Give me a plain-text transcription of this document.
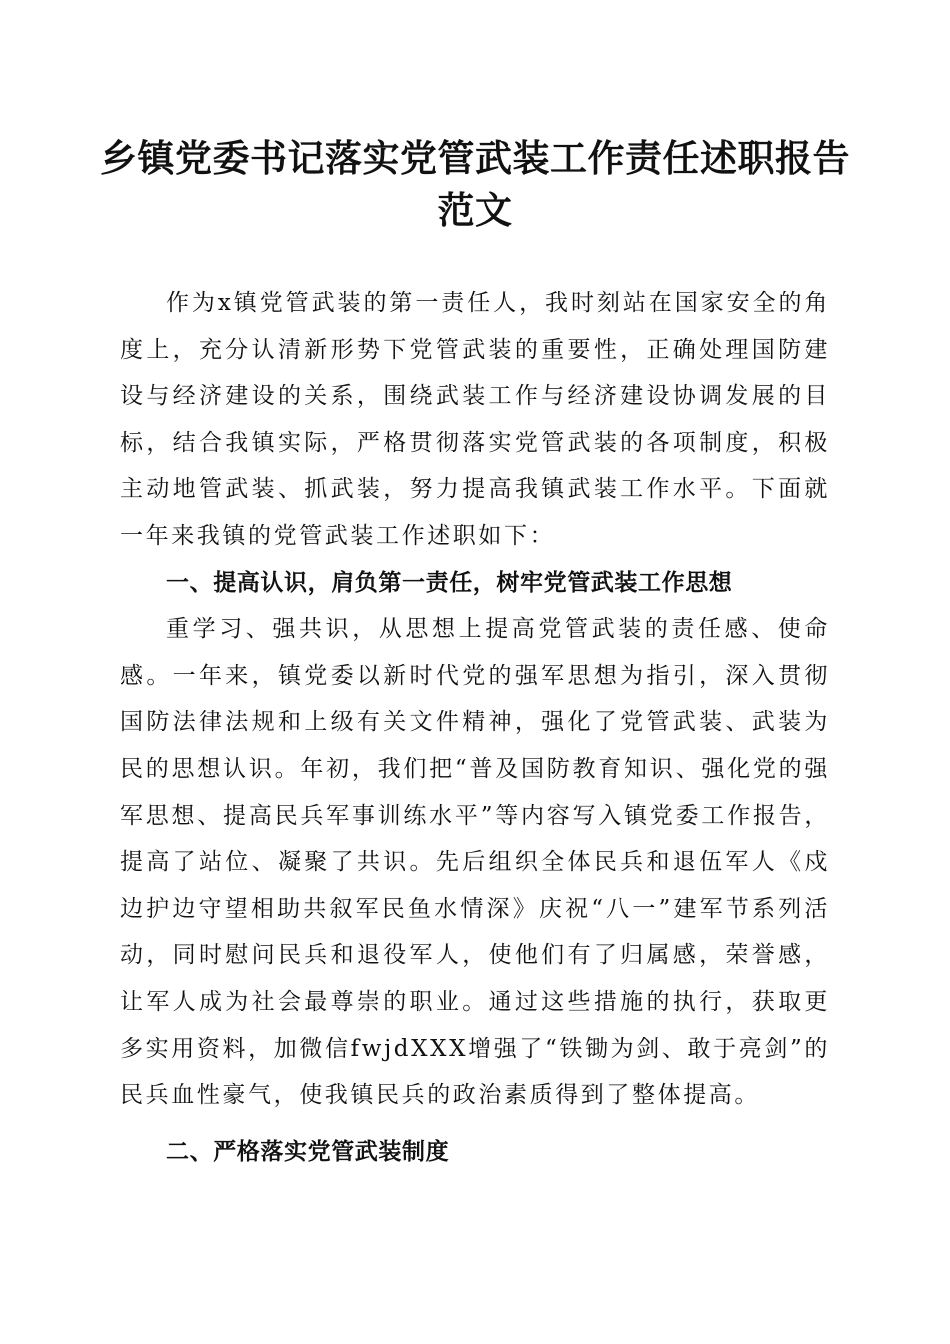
乡镇党委书记落实党管武装工作责任述职报告范文

作为x镇党管武装的第一责任人，我时刻站在国家安全的角度上，充分认清新形势下党管武装的重要性，正确处理国防建设与经济建设的关系，围绕武装工作与经济建设协调发展的目标，结合我镇实际，严格贯彻落实党管武装的各项制度，积极主动地管武装、抓武装，努力提高我镇武装工作水平。下面就一年来我镇的党管武装工作述职如下：

一、提高认识，肩负第一责任，树牢党管武装工作思想

重学习、强共识，从思想上提高党管武装的责任感、使命感。一年来，镇党委以新时代党的强军思想为指引，深入贯彻国防法律法规和上级有关文件精神，强化了党管武装、武装为民的思想认识。年初，我们把“普及国防教育知识、强化党的强军思想、提高民兵军事训练水平”等内容写入镇党委工作报告，提高了站位、凝聚了共识。先后组织全体民兵和退伍军人《戍边护边守望相助共叙军民鱼水情深》庆祝“八一”建军节系列活动，同时慰问民兵和退役军人，使他们有了归属感，荣誉感，让军人成为社会最尊崇的职业。通过这些措施的执行，获取更多实用资料，加微信fwjdXXX增强了“铁锄为剑、敢于亮剑”的民兵血性豪气，使我镇民兵的政治素质得到了整体提高。

二、严格落实党管武装制度
